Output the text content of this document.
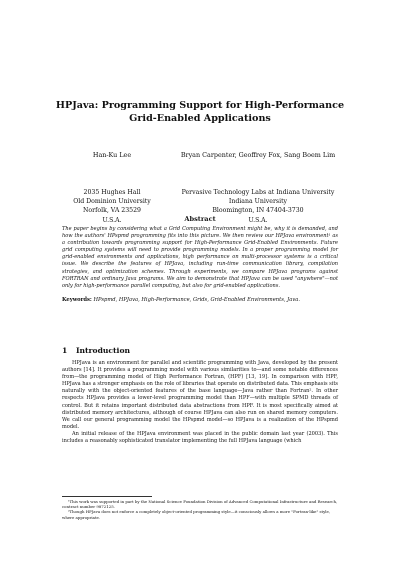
HPJava: Programming Support for High-Performance
Grid-Enabled Applications
Han-Ku Lee	Bryan Carpenter, Geoffrey Fox, Sang Boem Lim
2035 Hughes Hall
Old Dominion University
Norfolk, VA 23529
U.S.A.
Pervasive Technology Labs at Indiana University
Indiana University
Bloomington, IN 47404-3730
U.S.A.
Abstract
The paper begins by considering what a Grid Computing Environment might be, why it is demanded, and how the authors' HPspmd programming fits into this picture. We then review our HPJava environment¹ as a contribution towards programming support for High-Performance Grid-Enabled Environments. Future grid computing systems will need to provide programming models. In a proper programming model for grid-enabled environments and applications, high performance on multi-processor systems is a critical issue. We describe the features of HPJava, including run-time communication library, compilation strategies, and optimization schemes. Through experiments, we compare HPJava programs against FORTRAN and ordinary Java programs. We aim to demonstrate that HPJava can be used "anywhere"—not only for high-performance parallel computing, but also for grid-enabled applications.
Keywords: HPspmd, HPJava, High-Performance, Grids, Grid-Enabled Environments, Java.
1 Introduction

HPJava is an environment for parallel and scientific programming with Java, developed by the present authors [14]. It provides a programming model with various similarities to—and some notable differences from—the programming model of High Performance Fortran, (HPF) [13, 19]. In comparison with HPF, HPJava has a stronger emphasis on the role of libraries that operate on distributed data. This emphasis sits naturally with the object-oriented features of the base language—Java rather than Fortran². In other respects HPJava provides a lower-level programming model than HPF—with multiple SPMD threads of control. But it retains important distributed data abstractions from HPF. It is most specifically aimed at distributed memory architectures, although of course HPJava can also run on shared memory computers. We call our general programming model the HPspmd model—so HPJava is a realization of the HPspmd model.

An initial release of the HPJava environment was placed in the public domain last year (2003). This includes a reasonably sophisticated translator implementing the full HPJava language (which

¹This work was supported in part by the National Science Foundation Division of Advanced Computational Infrastructure and Research, contract number 9872125.

²Though HPJava does not enforce a completely object-oriented programming style—it consciously allows a more "Fortran-like" style, where appropriate.
